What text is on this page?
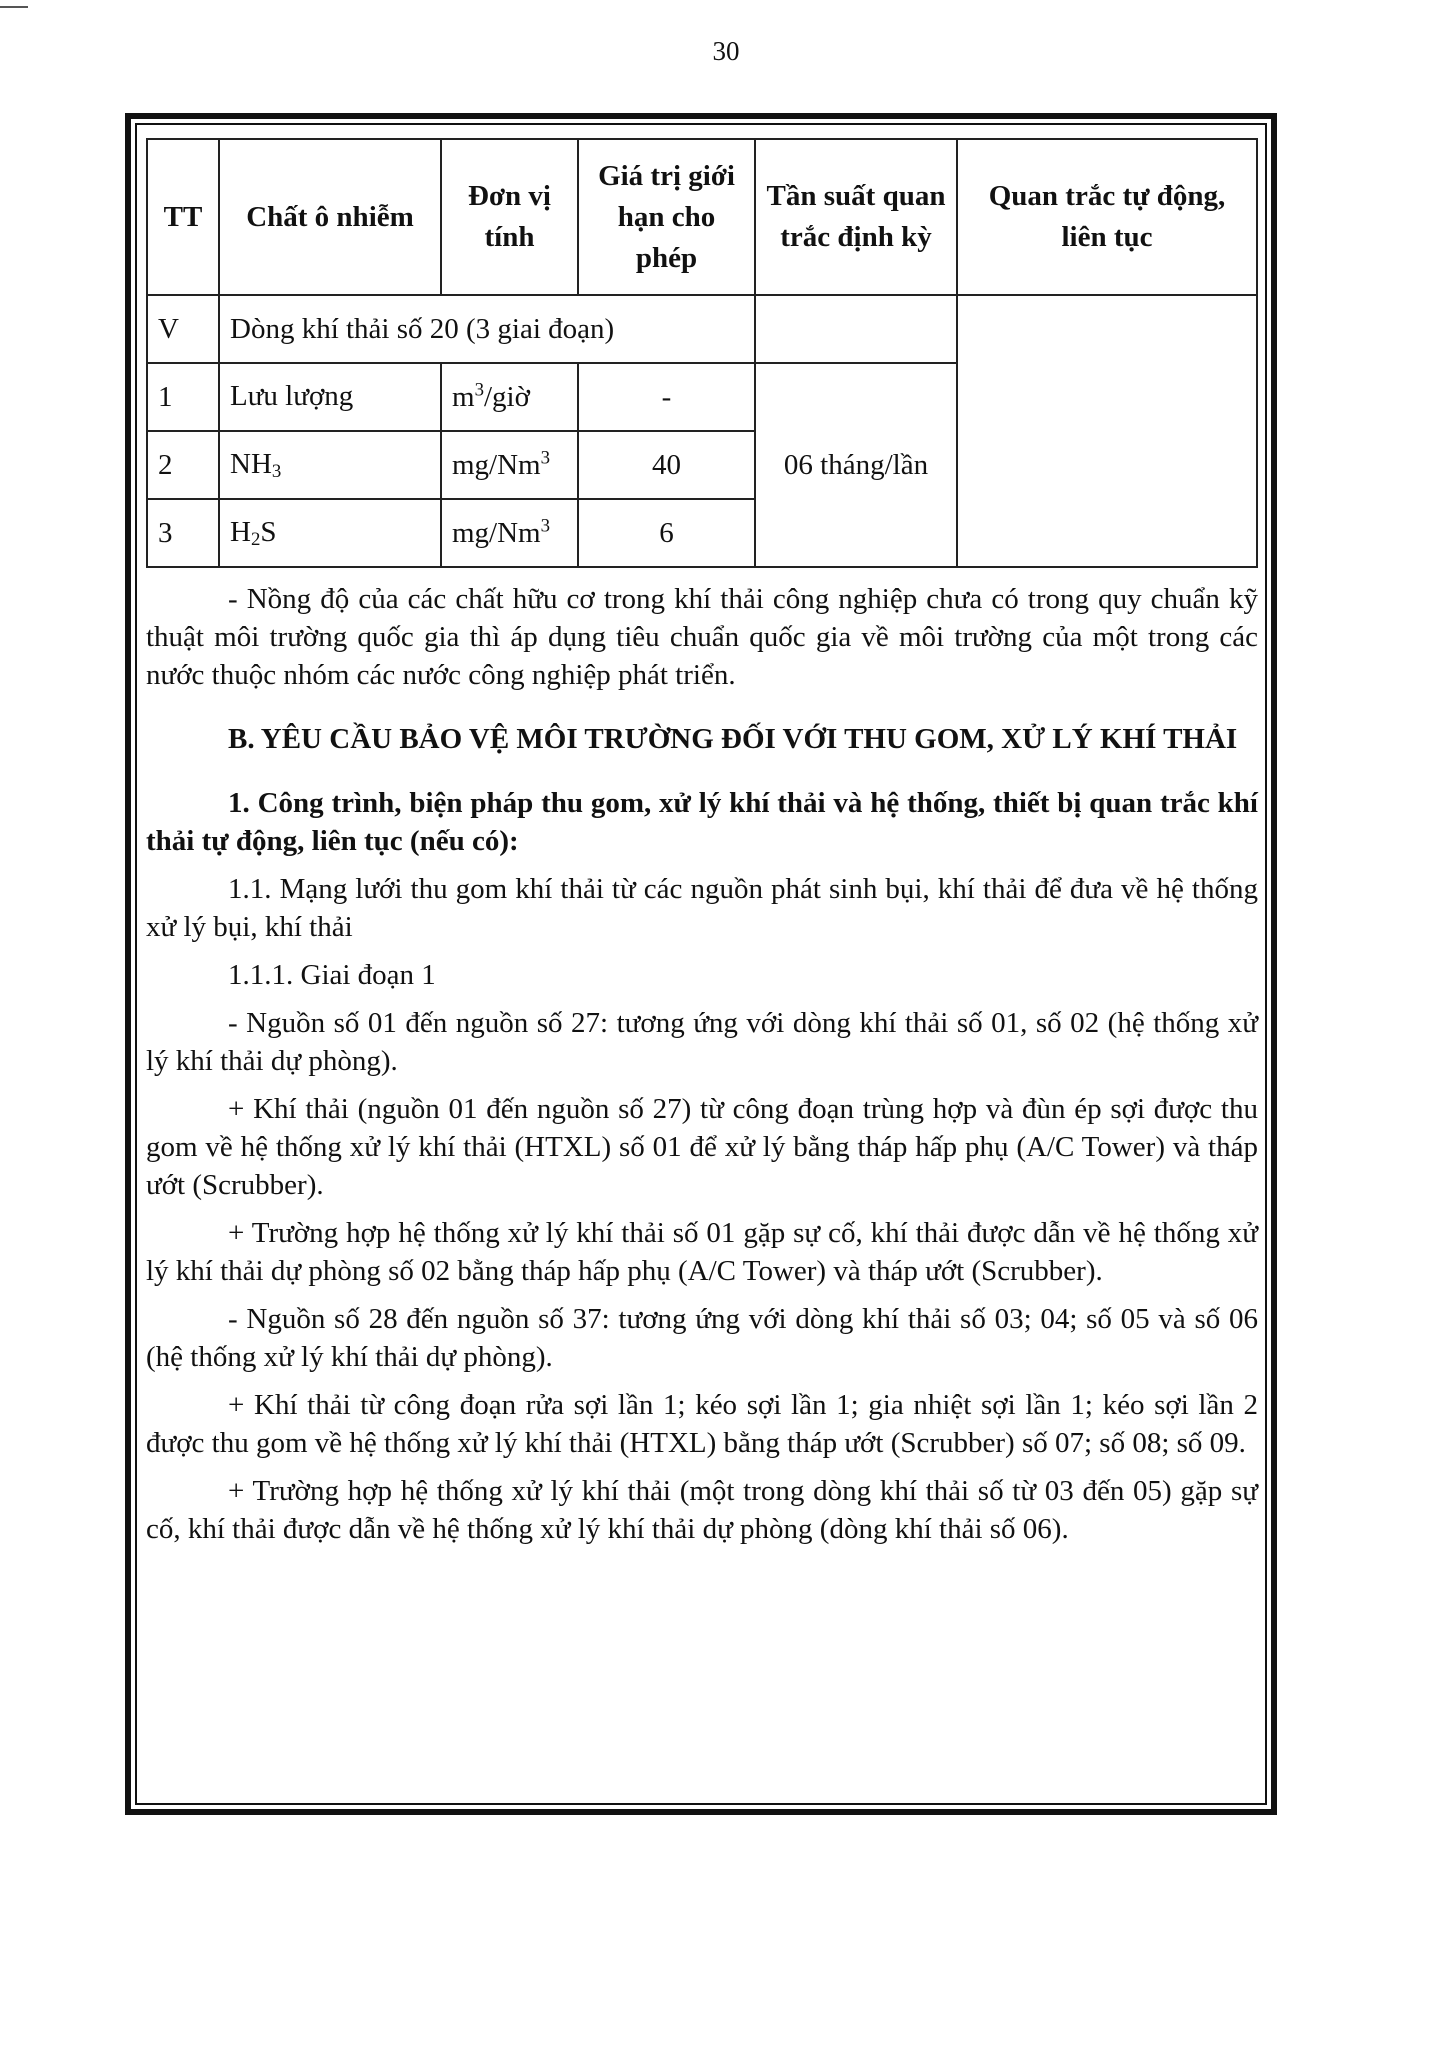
30
TT	Chất ô nhiễm	Đơn vị tính	Giá trị giới hạn cho phép	Tần suất quan trắc định kỳ	Quan trắc tự động, liên tục
V	Dòng khí thải số 20 (3 giai đoạn)				
1	Lưu lượng	$m^3$/giờ	-	06 tháng/lần	
2	$NH_3$	mg/Nm$^3$	40		
3	$H_2S$	mg/Nm$^3$	6		

- Nồng độ của các chất hữu cơ trong khí thải công nghiệp chưa có trong quy chuẩn kỹ thuật môi trường quốc gia thì áp dụng tiêu chuẩn quốc gia về môi trường của một trong các nước thuộc nhóm các nước công nghiệp phát triển.

B. YÊU CẦU BẢO VỆ MÔI TRƯỜNG ĐỐI VỚI THU GOM, XỬ LÝ KHÍ THẢI

1. Công trình, biện pháp thu gom, xử lý khí thải và hệ thống, thiết bị quan trắc khí thải tự động, liên tục (nếu có):

1.1. Mạng lưới thu gom khí thải từ các nguồn phát sinh bụi, khí thải để đưa về hệ thống xử lý bụi, khí thải

1.1.1. Giai đoạn 1

- Nguồn số 01 đến nguồn số 27: tương ứng với dòng khí thải số 01, số 02 (hệ thống xử lý khí thải dự phòng).

+ Khí thải (nguồn 01 đến nguồn số 27) từ công đoạn trùng hợp và đùn ép sợi được thu gom về hệ thống xử lý khí thải (HTXL) số 01 để xử lý bằng tháp hấp phụ (A/C Tower) và tháp ướt (Scrubber).

+ Trường hợp hệ thống xử lý khí thải số 01 gặp sự cố, khí thải được dẫn về hệ thống xử lý khí thải dự phòng số 02 bằng tháp hấp phụ (A/C Tower) và tháp ướt (Scrubber).

- Nguồn số 28 đến nguồn số 37: tương ứng với dòng khí thải số 03; 04; số 05 và số 06 (hệ thống xử lý khí thải dự phòng).

+ Khí thải từ công đoạn rửa sợi lần 1; kéo sợi lần 1; gia nhiệt sợi lần 1; kéo sợi lần 2 được thu gom về hệ thống xử lý khí thải (HTXL) bằng tháp ướt (Scrubber) số 07; số 08; số 09.

+ Trường hợp hệ thống xử lý khí thải (một trong dòng khí thải số từ 03 đến 05) gặp sự cố, khí thải được dẫn về hệ thống xử lý khí thải dự phòng (dòng khí thải số 06).
